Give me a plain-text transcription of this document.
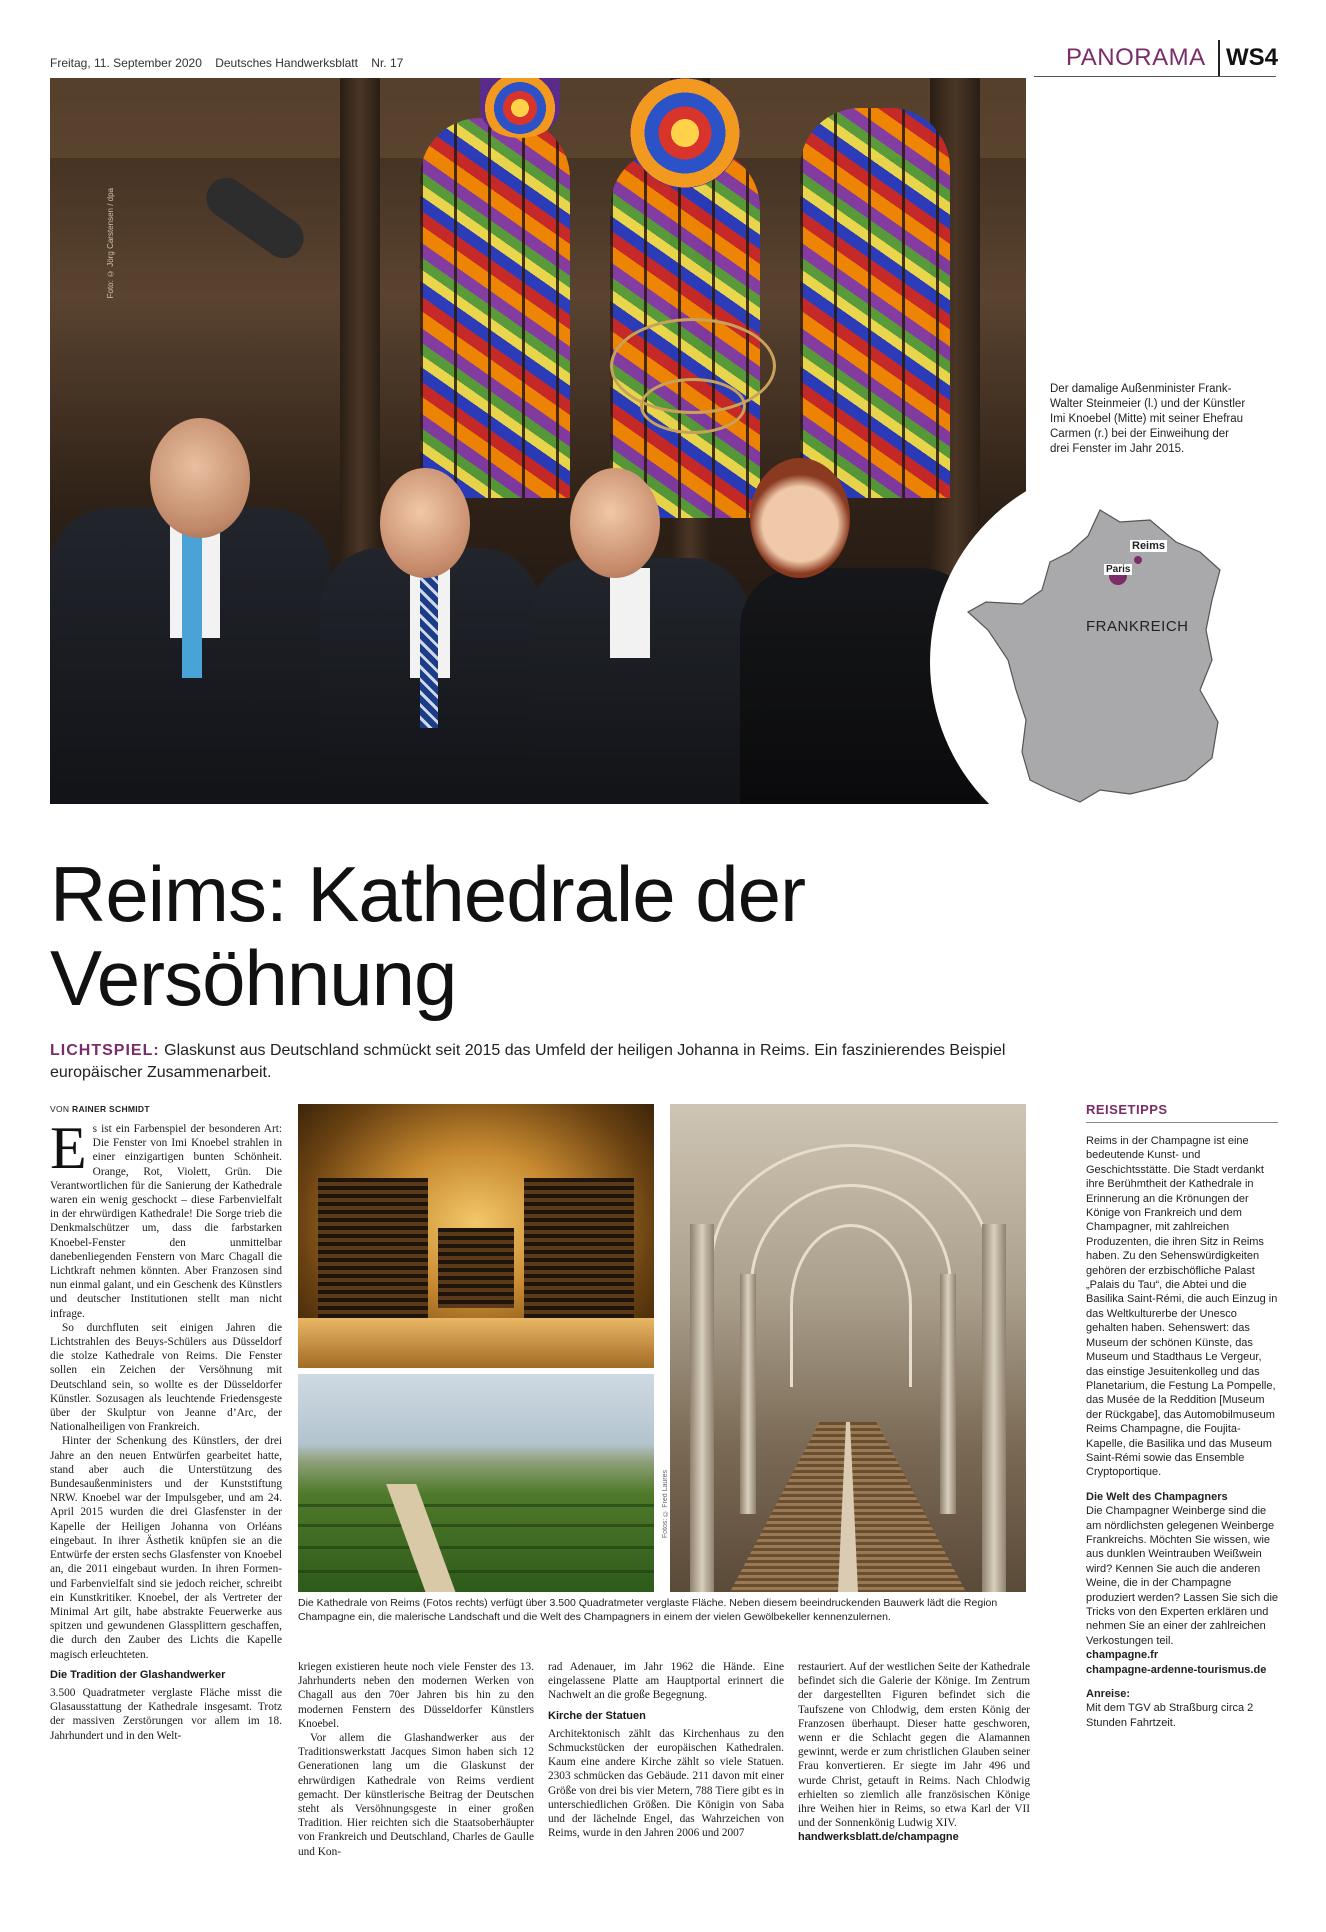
Freitag, 11. September 2020 Deutsches Handwerksblatt Nr. 17	PANORAMA WS4
Foto: © Jörg Carstensen / dpa
Der damalige Außenminister Frank-Walter Steinmeier (l.) und der Künstler Imi Knoebel (Mitte) mit seiner Ehefrau Carmen (r.) bei der Einweihung der drei Fenster im Jahr 2015.
Reims
Paris
FRANKREICH
Reims: Kathedrale der
Versöhnung
LICHTSPIEL: Glaskunst aus Deutschland schmückt seit 2015 das Umfeld der heiligen Johanna in Reims. Ein faszinierendes Beispiel europäischer Zusammenarbeit.
VON RAINER SCHMIDT

Es ist ein Farbenspiel der besonderen Art: Die Fenster von Imi Knoebel strahlen in einer einzigartigen bunten Schönheit. Orange, Rot, Violett, Grün. Die Verantwortlichen für die Sanierung der Kathedrale waren ein wenig geschockt – diese Farbenvielfalt in der ehrwürdigen Kathedrale! Die Sorge trieb die Denkmalschützer um, dass die farbstarken Knoebel-Fenster den unmittelbar danebenliegenden Fenstern von Marc Chagall die Lichtkraft nehmen könnten. Aber Franzosen sind nun einmal galant, und ein Geschenk des Künstlers und deutscher Institutionen stellt man nicht infrage.

So durchfluten seit einigen Jahren die Lichtstrahlen des Beuys-Schülers aus Düsseldorf die stolze Kathedrale von Reims. Die Fenster sollen ein Zeichen der Versöhnung mit Deutschland sein, so wollte es der Düsseldorfer Künstler. Sozusagen als leuchtende Friedensgeste über der Skulptur von Jeanne d’Arc, der Nationalheiligen von Frankreich.

Hinter der Schenkung des Künstlers, der drei Jahre an den neuen Entwürfen gearbeitet hatte, stand aber auch die Unterstützung des Bundesaußenministers und der Kunststiftung NRW. Knoebel war der Impulsgeber, und am 24. April 2015 wurden die drei Glasfenster in der Kapelle der Heiligen Johanna von Orléans eingebaut. In ihrer Ästhetik knüpfen sie an die Entwürfe der ersten sechs Glasfenster von Knoebel an, die 2011 eingebaut wurden. In ihren Formen- und Farbenvielfalt sind sie jedoch reicher, schreibt ein Kunstkritiker. Knoebel, der als Vertreter der Minimal Art gilt, habe abstrakte Feuerwerke aus spitzen und gewundenen Glassplittern geschaffen, die durch den Zauber des Lichts die Kapelle magisch erleuchteten.

Die Tradition der Glashandwerker

3.500 Quadratmeter verglaste Fläche misst die Glasausstattung der Kathedrale insgesamt. Trotz der massiven Zerstörungen vor allem im 18. Jahrhundert und in den Welt-

kriegen existieren heute noch viele Fenster des 13. Jahrhunderts neben den modernen Werken von Chagall aus den 70er Jahren bis hin zu den modernen Fenstern des Düsseldorfer Künstlers Knoebel.

Vor allem die Glashandwerker aus der Traditionswerkstatt Jacques Simon haben sich 12 Generationen lang um die Glaskunst der ehrwürdigen Kathedrale von Reims verdient gemacht. Der künstlerische Beitrag der Deutschen steht als Versöhnungsgeste in einer großen Tradition. Hier reichten sich die Staatsoberhäupter von Frankreich und Deutschland, Charles de Gaulle und Kon-

rad Adenauer, im Jahr 1962 die Hände. Eine eingelassene Platte am Hauptportal erinnert die Nachwelt an die große Begegnung.

Kirche der Statuen

Architektonisch zählt das Kirchenhaus zu den Schmuckstücken der europäischen Kathedralen. Kaum eine andere Kirche zählt so viele Statuen. 2303 schmücken das Gebäude. 211 davon mit einer Größe von drei bis vier Metern, 788 Tiere gibt es in unterschiedlichen Größen. Die Königin von Saba und der lächelnde Engel, das Wahrzeichen von Reims, wurde in den Jahren 2006 und 2007

restauriert. Auf der westlichen Seite der Kathedrale befindet sich die Galerie der Könige. Im Zentrum der dargestellten Figuren befindet sich die Taufszene von Chlodwig, dem ersten König der Franzosen überhaupt. Dieser hatte geschworen, wenn er die Schlacht gegen die Alamannen gewinnt, werde er zum christlichen Glauben seiner Frau konvertieren. Er siegte im Jahr 496 und wurde Christ, getauft in Reims. Nach Chlodwig erhielten so ziemlich alle französischen Könige ihre Weihen hier in Reims, so etwa Karl der VII und der Sonnenkönig Ludwig XIV.

handwerksblatt.de/champagne
Fotos: © Fred Laures
Die Kathedrale von Reims (Fotos rechts) verfügt über 3.500 Quadratmeter verglaste Fläche. Neben diesem beeindruckenden Bauwerk lädt die Region Champagne ein, die malerische Landschaft und die Welt des Champagners in einem der vielen Gewölbekeller kennenzulernen.
REISETIPPS

Reims in der Champagne ist eine bedeutende Kunst- und Geschichtsstätte. Die Stadt verdankt ihre Berühmtheit der Kathedrale in Erinnerung an die Krönungen der Könige von Frankreich und dem Champagner, mit zahlreichen Produzenten, die ihren Sitz in Reims haben. Zu den Sehenswürdigkeiten gehören der erzbischöfliche Palast „Palais du Tau“, die Abtei und die Basilika Saint-Rémi, die auch Einzug in das Weltkulturerbe der Unesco gehalten haben. Sehenswert: das Museum der schönen Künste, das Museum und Stadthaus Le Vergeur, das einstige Jesuitenkolleg und das Planetarium, die Festung La Pompelle, das Musée de la Reddition [Museum der Rückgabe], das Automobilmuseum Reims Champagne, die Foujita-Kapelle, die Basilika und das Museum Saint-Rémi sowie das Ensemble Cryptoportique.

Die Welt des Champagners

Die Champagner Weinberge sind die am nördlichsten gelegenen Weinberge Frankreichs. Möchten Sie wissen, wie aus dunklen Weintrauben Weißwein wird? Kennen Sie auch die anderen Weine, die in der Champagne produziert werden? Lassen Sie sich die Tricks von den Experten erklären und nehmen Sie an einer der zahlreichen Verkostungen teil.

champagne.fr
champagne-ardenne-tourismus.de
Anreise:

Mit dem TGV ab Straßburg circa 2 Stunden Fahrtzeit.
